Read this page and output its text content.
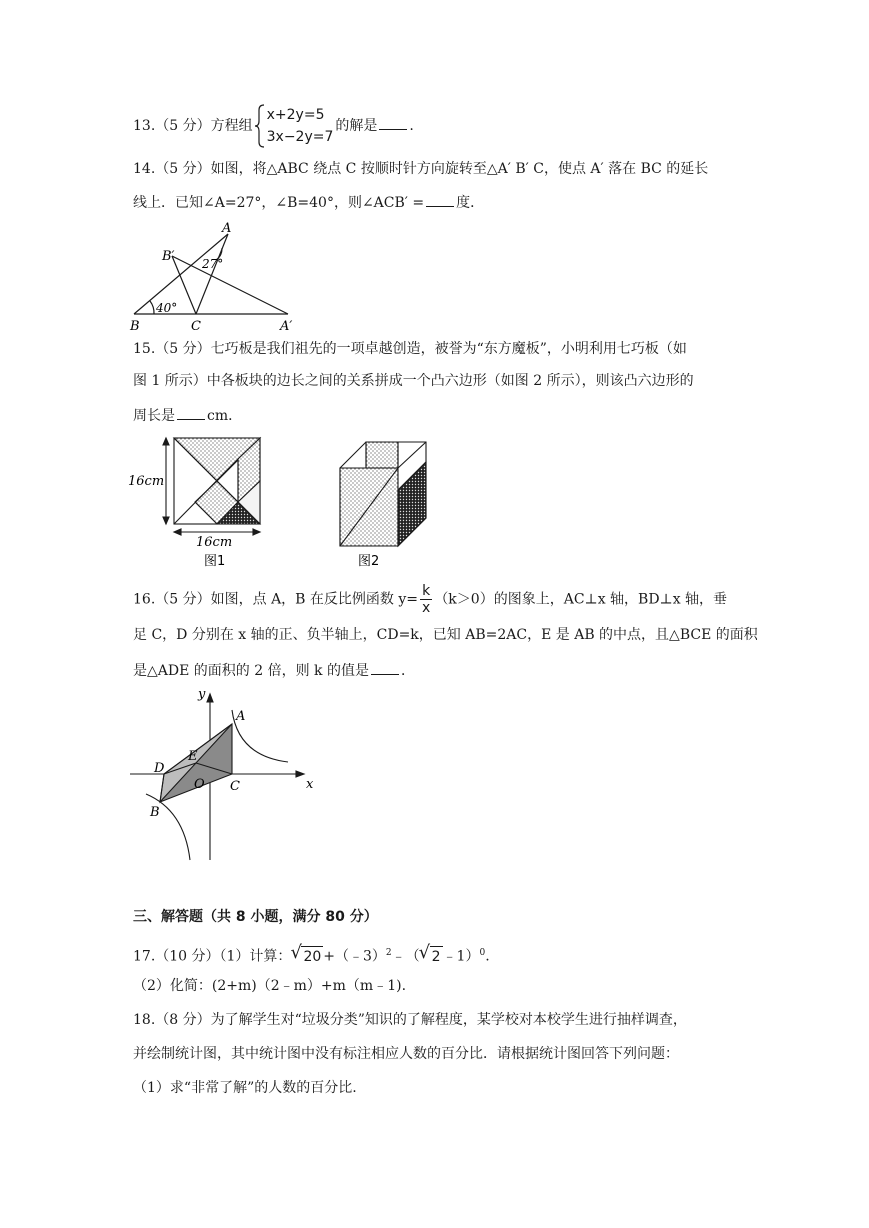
13.（5 分）方程组
x+2y=5
3x−2y=7
的解是 .
14.（5 分）如图，将△ABC 绕点 C 按顺时针方向旋转至△A′ B′ C，使点 A′ 落在 BC 的延长
线上．已知∠A=27°，∠B=40°，则∠ACB′ = 度．
A
B′ 27°
40°
B	C	A′
15.（5 分）七巧板是我们祖先的一项卓越创造，被誉为“东方魔板”，小明利用七巧板（如
图 1 所示）中各板块的边长之间的关系拼成一个凸六边形（如图 2 所示），则该凸六边形的
周长是 cm．
16cm
16cm
图1	图2
16.（5 分）如图，点 A，B 在反比例函数 $y= \frac{k}{x} (k>0)$的图象上，AC⊥x 轴，BD⊥x 轴，垂
足 C，D 分别在 x 轴的正、负半轴上，CD=k，已知 AB=2AC，E 是 AB 的中点，且△BCE 的面积
是△ADE 的面积的 2 倍，则 k 的值是 ．
y
x
A
E
D
O C
B
三、解答题（共 8 小题，满分 80 分）
17.（10 分）（1）计算： √ 20 +（﹣3）$^2$﹣（ √ 2 ﹣1）$^0$.
（2）化简：(2+m)（2﹣m）+m（m﹣1).
18.（8 分）为了解学生对“垃圾分类”知识的了解程度，某学校对本校学生进行抽样调查，
并绘制统计图，其中统计图中没有标注相应人数的百分比．请根据统计图回答下列问题：
（1）求“非常了解”的人数的百分比.
